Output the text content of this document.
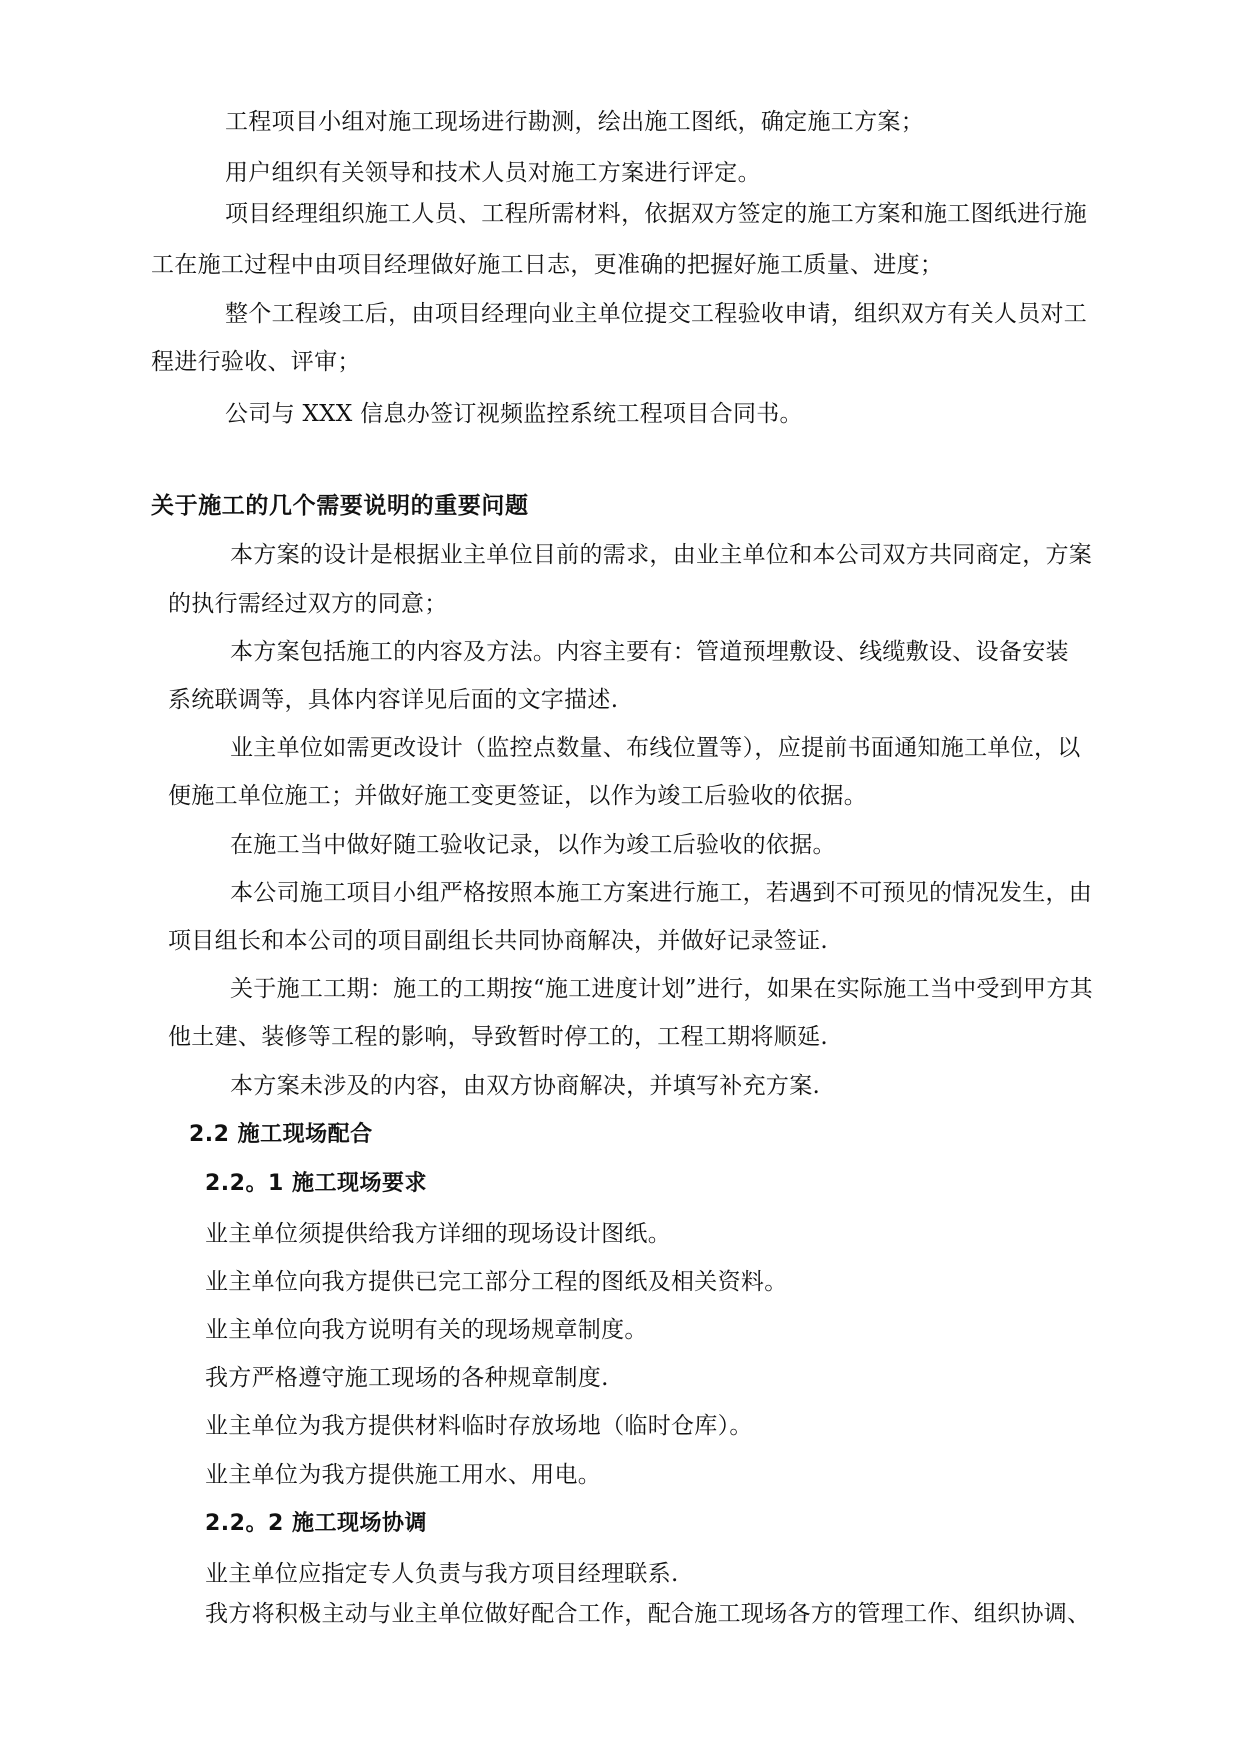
工程项目小组对施工现场进行勘测，绘出施工图纸，确定施工方案；
用户组织有关领导和技术人员对施工方案进行评定。
项目经理组织施工人员、工程所需材料，依据双方签定的施工方案和施工图纸进行施
工在施工过程中由项目经理做好施工日志，更准确的把握好施工质量、进度；
整个工程竣工后，由项目经理向业主单位提交工程验收申请，组织双方有关人员对工
程进行验收、评审；
公司与 XXX 信息办签订视频监控系统工程项目合同书。
关于施工的几个需要说明的重要问题
本方案的设计是根据业主单位目前的需求，由业主单位和本公司双方共同商定，方案
的执行需经过双方的同意；
本方案包括施工的内容及方法。内容主要有：管道预埋敷设、线缆敷设、设备安装
系统联调等，具体内容详见后面的文字描述.
业主单位如需更改设计（监控点数量、布线位置等），应提前书面通知施工单位，以
便施工单位施工；并做好施工变更签证，以作为竣工后验收的依据。
在施工当中做好随工验收记录，以作为竣工后验收的依据。
本公司施工项目小组严格按照本施工方案进行施工，若遇到不可预见的情况发生，由
项目组长和本公司的项目副组长共同协商解决，并做好记录签证.
关于施工工期：施工的工期按“施工进度计划”进行，如果在实际施工当中受到甲方其
他土建、装修等工程的影响，导致暂时停工的，工程工期将顺延.
本方案未涉及的内容，由双方协商解决，并填写补充方案.
2.2 施工现场配合
2.2。1 施工现场要求
业主单位须提供给我方详细的现场设计图纸。
业主单位向我方提供已完工部分工程的图纸及相关资料。
业主单位向我方说明有关的现场规章制度。
我方严格遵守施工现场的各种规章制度.
业主单位为我方提供材料临时存放场地（临时仓库）。
业主单位为我方提供施工用水、用电。
2.2。2 施工现场协调
业主单位应指定专人负责与我方项目经理联系.
我方将积极主动与业主单位做好配合工作，配合施工现场各方的管理工作、组织协调、
